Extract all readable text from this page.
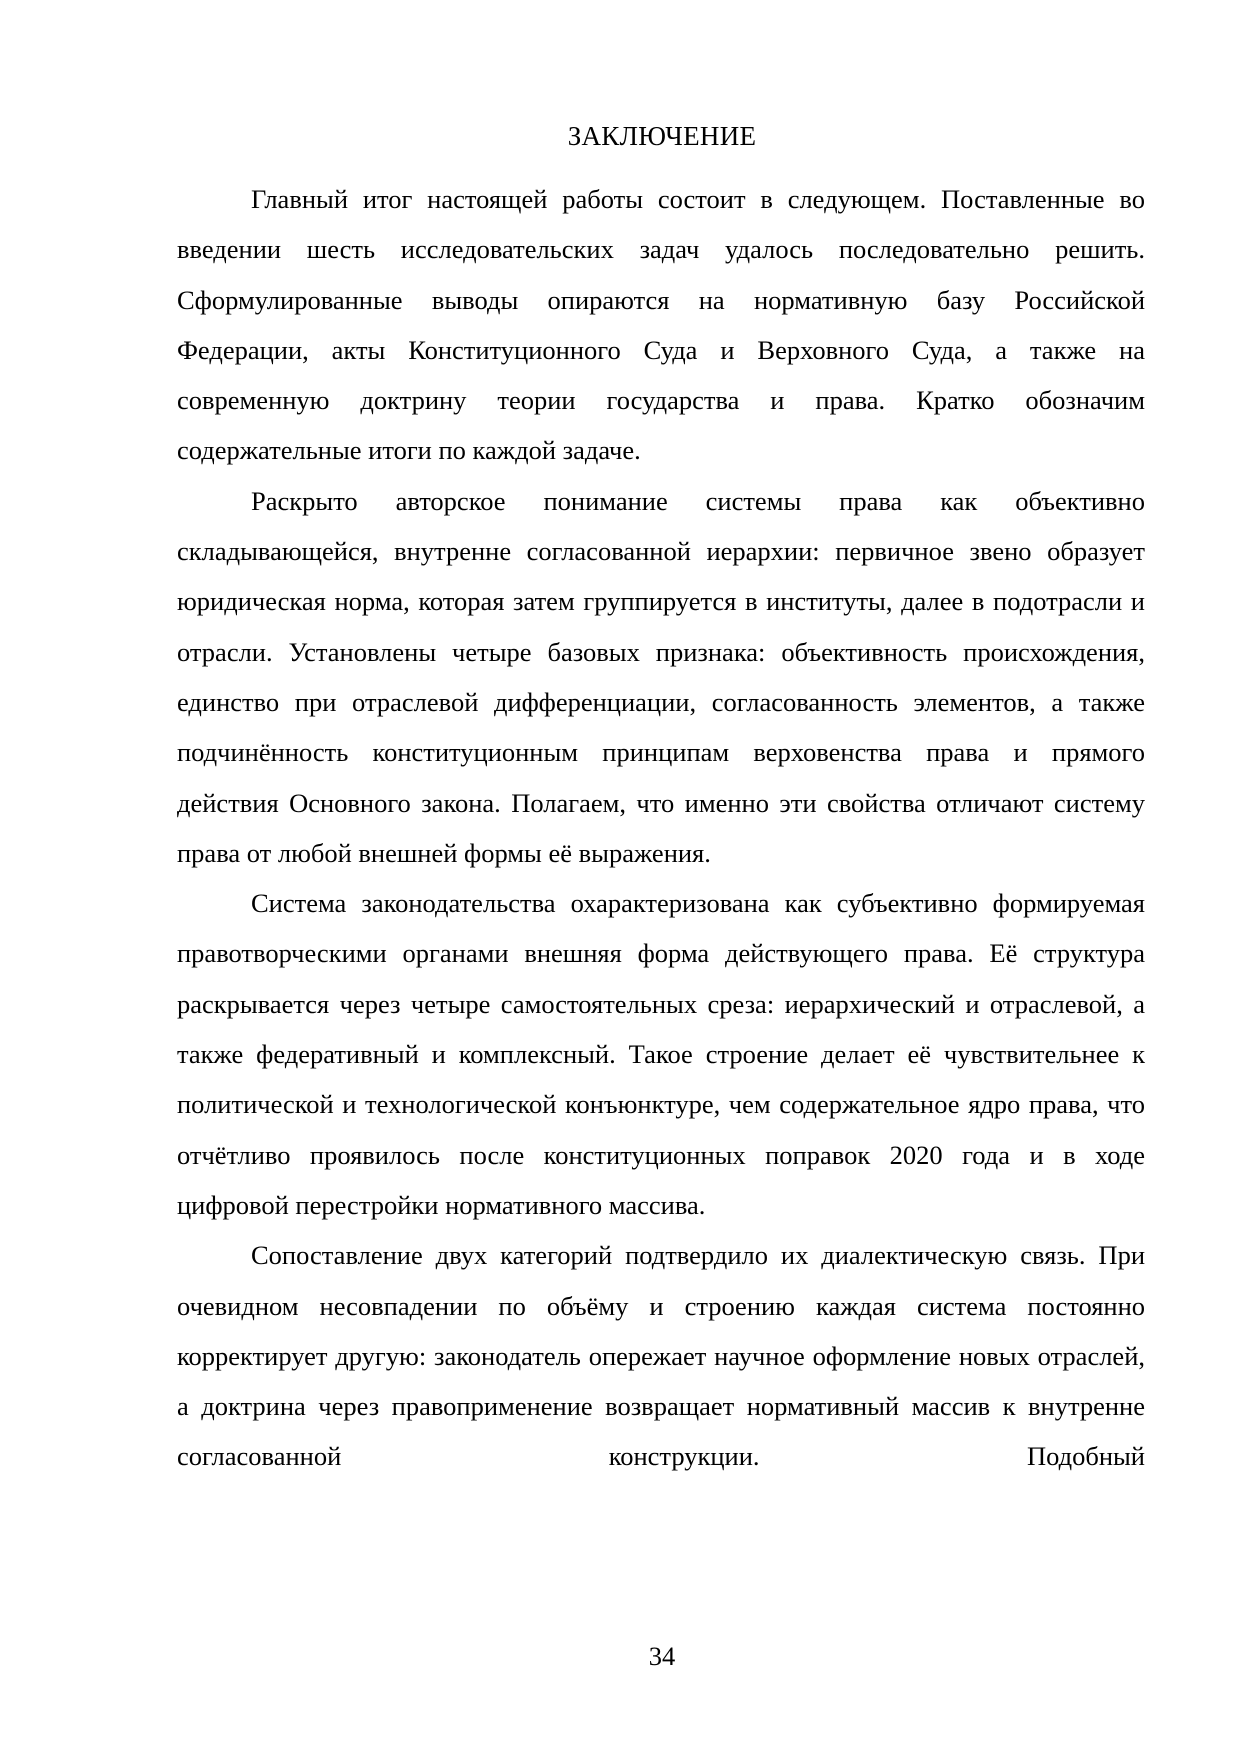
ЗАКЛЮЧЕНИЕ

Главный итог настоящей работы состоит в следующем. Поставленные во введении шесть исследовательских задач удалось последовательно решить. Сформулированные выводы опираются на нормативную базу Российской Федерации, акты Конституционного Суда и Верховного Суда, а также на современную доктрину теории государства и права. Кратко обозначим содержательные итоги по каждой задаче.

Раскрыто авторское понимание системы права как объективно складывающейся, внутренне согласованной иерархии: первичное звено образует юридическая норма, которая затем группируется в институты, далее в подотрасли и отрасли. Установлены четыре базовых признака: объективность происхождения, единство при отраслевой дифференциации, согласованность элементов, а также подчинённость конституционным принципам верховенства права и прямого действия Основного закона. Полагаем, что именно эти свойства отличают систему права от любой внешней формы её выражения.

Система законодательства охарактеризована как субъективно формируемая правотворческими органами внешняя форма действующего права. Её структура раскрывается через четыре самостоятельных среза: иерархический и отраслевой, а также федеративный и комплексный. Такое строение делает её чувствительнее к политической и технологической конъюнктуре, чем содержательное ядро права, что отчётливо проявилось после конституционных поправок 2020 года и в ходе цифровой перестройки нормативного массива.

Сопоставление двух категорий подтвердило их диалектическую связь. При очевидном несовпадении по объёму и строению каждая система постоянно корректирует другую: законодатель опережает научное оформление новых отраслей, а доктрина через правоприменение возвращает нормативный массив к внутренне согласованной конструкции. Подобный

34
